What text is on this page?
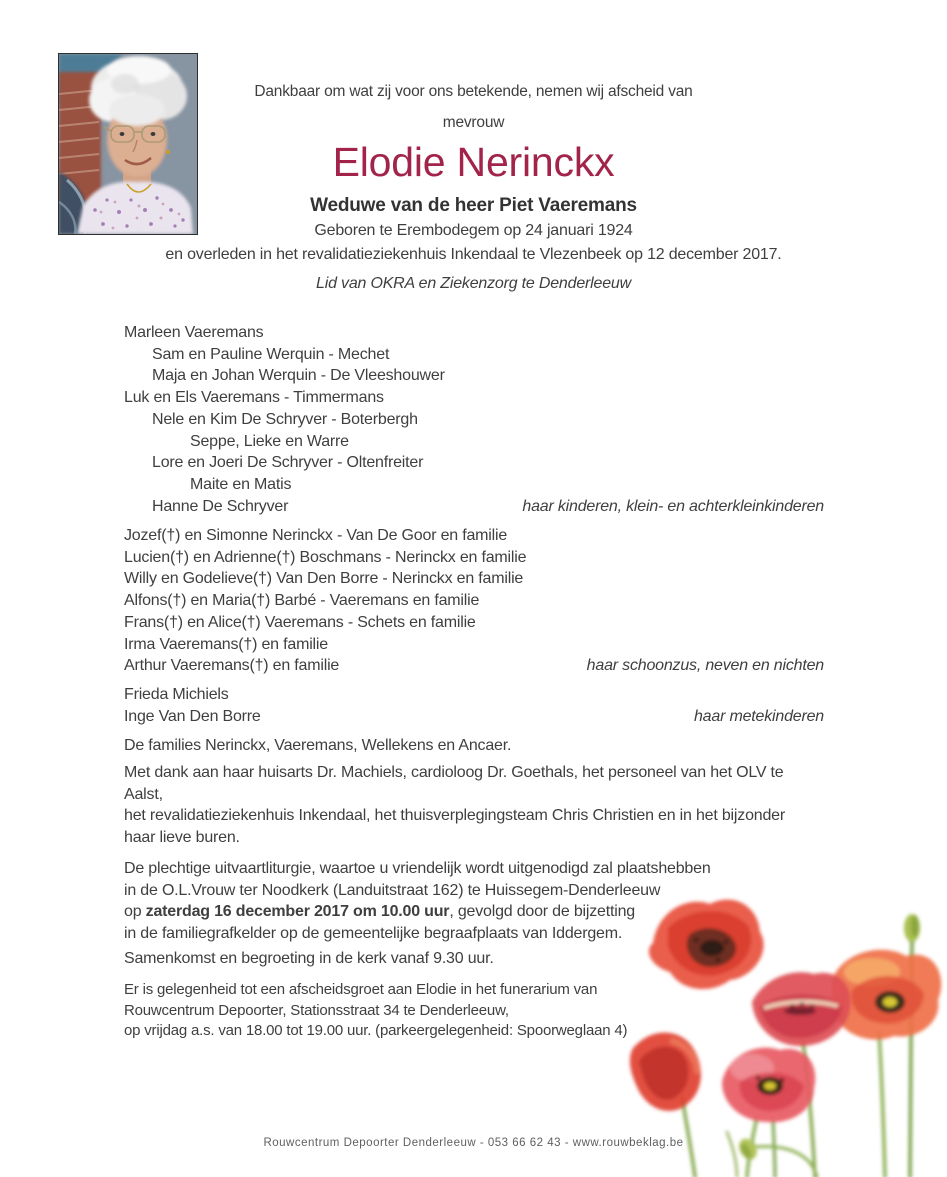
Dankbaar om wat zij voor ons betekende, nemen wij afscheid van
mevrouw
Elodie Nerinckx
Weduwe van de heer Piet Vaeremans
Geboren te Erembodegem op 24 januari 1924
en overleden in het revalidatieziekenhuis Inkendaal te Vlezenbeek op 12 december 2017.
Lid van OKRA en Ziekenzorg te Denderleeuw
Marleen Vaeremans
Sam en Pauline Werquin - Mechet
Maja en Johan Werquin - De Vleeshouwer
Luk en Els Vaeremans - Timmermans
Nele en Kim De Schryver - Boterbergh
Seppe, Lieke en Warre
Lore en Joeri De Schryver - Oltenfreiter
Maite en Matis
Hanne De Schryver	haar kinderen, klein- en achterkleinkinderen
Jozef(†) en Simonne Nerinckx - Van De Goor en familie
Lucien(†) en Adrienne(†) Boschmans - Nerinckx en familie
Willy en Godelieve(†) Van Den Borre - Nerinckx en familie
Alfons(†) en Maria(†) Barbé - Vaeremans en familie
Frans(†) en Alice(†) Vaeremans - Schets en familie
Irma Vaeremans(†) en familie
Arthur Vaeremans(†) en familie	haar schoonzus, neven en nichten
Frieda Michiels
Inge Van Den Borre	haar metekinderen
De families Nerinckx, Vaeremans, Wellekens en Ancaer.
Met dank aan haar huisarts Dr. Machiels, cardioloog Dr. Goethals, het personeel van het OLV te Aalst,
het revalidatieziekenhuis Inkendaal, het thuisverplegingsteam Chris Christien en in het bijzonder
haar lieve buren.
De plechtige uitvaartliturgie, waartoe u vriendelijk wordt uitgenodigd zal plaatshebben
in de O.L.Vrouw ter Noodkerk (Landuitstraat 162) te Huissegem-Denderleeuw
op zaterdag 16 december 2017 om 10.00 uur, gevolgd door de bijzetting
in de familiegrafkelder op de gemeentelijke begraafplaats van Iddergem.
Samenkomst en begroeting in de kerk vanaf 9.30 uur.
Er is gelegenheid tot een afscheidsgroet aan Elodie in het funerarium van
Rouwcentrum Depoorter, Stationsstraat 34 te Denderleeuw,
op vrijdag a.s. van 18.00 tot 19.00 uur. (parkeergelegenheid: Spoorweglaan 4)
Rouwcentrum Depoorter Denderleeuw - 053 66 62 43 - www.rouwbeklag.be
